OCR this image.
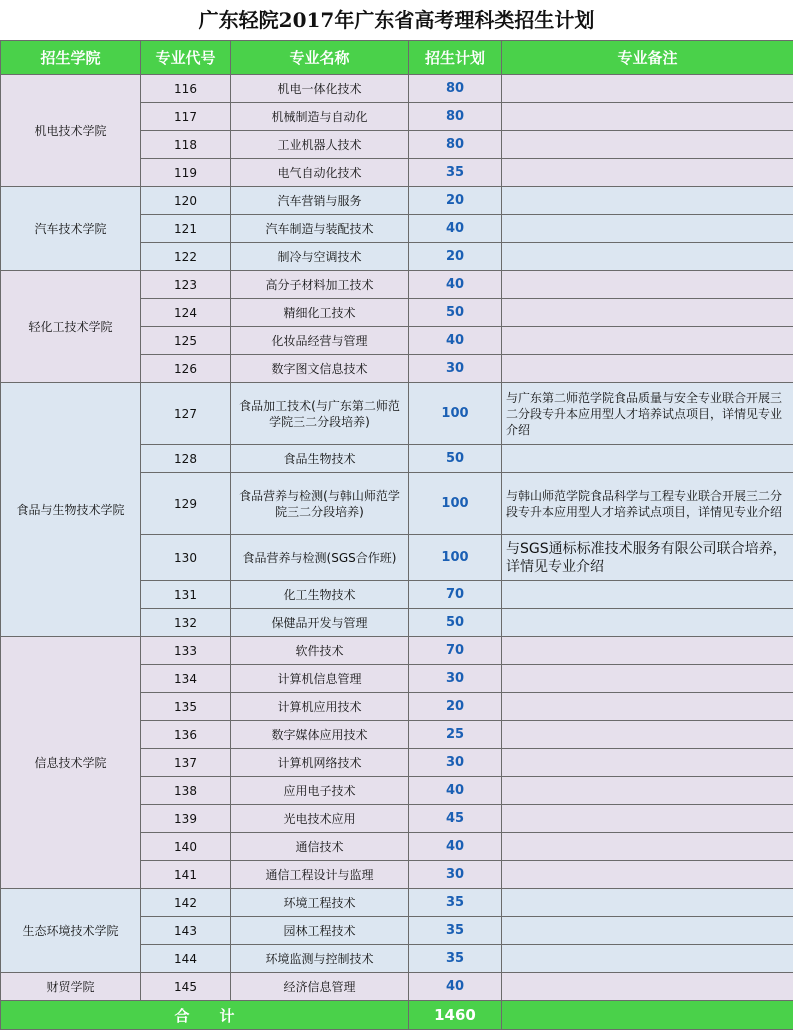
广东轻院2017年广东省高考理科类招生计划
招生学院	专业代号	专业名称	招生计划	专业备注
机电技术学院	116	机电一体化技术	80	
	117	机械制造与自动化	80	
	118	工业机器人技术	80	
	119	电气自动化技术	35	
汽车技术学院	120	汽车营销与服务	20	
	121	汽车制造与装配技术	40	
	122	制冷与空调技术	20	
轻化工技术学院	123	高分子材料加工技术	40	
	124	精细化工技术	50	
	125	化妆品经营与管理	40	
	126	数字图文信息技术	30	
食品与生物技术学院	127	食品加工技术(与广东第二师范学院三二分段培养)	100	与广东第二师范学院食品质量与安全专业联合开展三二分段专升本应用型人才培养试点项目，详情见专业介绍
	128	食品生物技术	50	
	129	食品营养与检测(与韩山师范学院三二分段培养)	100	与韩山师范学院食品科学与工程专业联合开展三二分段专升本应用型人才培养试点项目，详情见专业介绍
	130	食品营养与检测(SGS合作班)	100	与SGS通标标准技术服务有限公司联合培养，详情见专业介绍
	131	化工生物技术	70	
	132	保健品开发与管理	50	
信息技术学院	133	软件技术	70	
	134	计算机信息管理	30	
	135	计算机应用技术	20	
	136	数字媒体应用技术	25	
	137	计算机网络技术	30	
	138	应用电子技术	40	
	139	光电技术应用	45	
	140	通信技术	40	
	141	通信工程设计与监理	30	
生态环境技术学院	142	环境工程技术	35	
	143	园林工程技术	35	
	144	环境监测与控制技术	35	
财贸学院	145	经济信息管理	40	
合　　计			1460	
